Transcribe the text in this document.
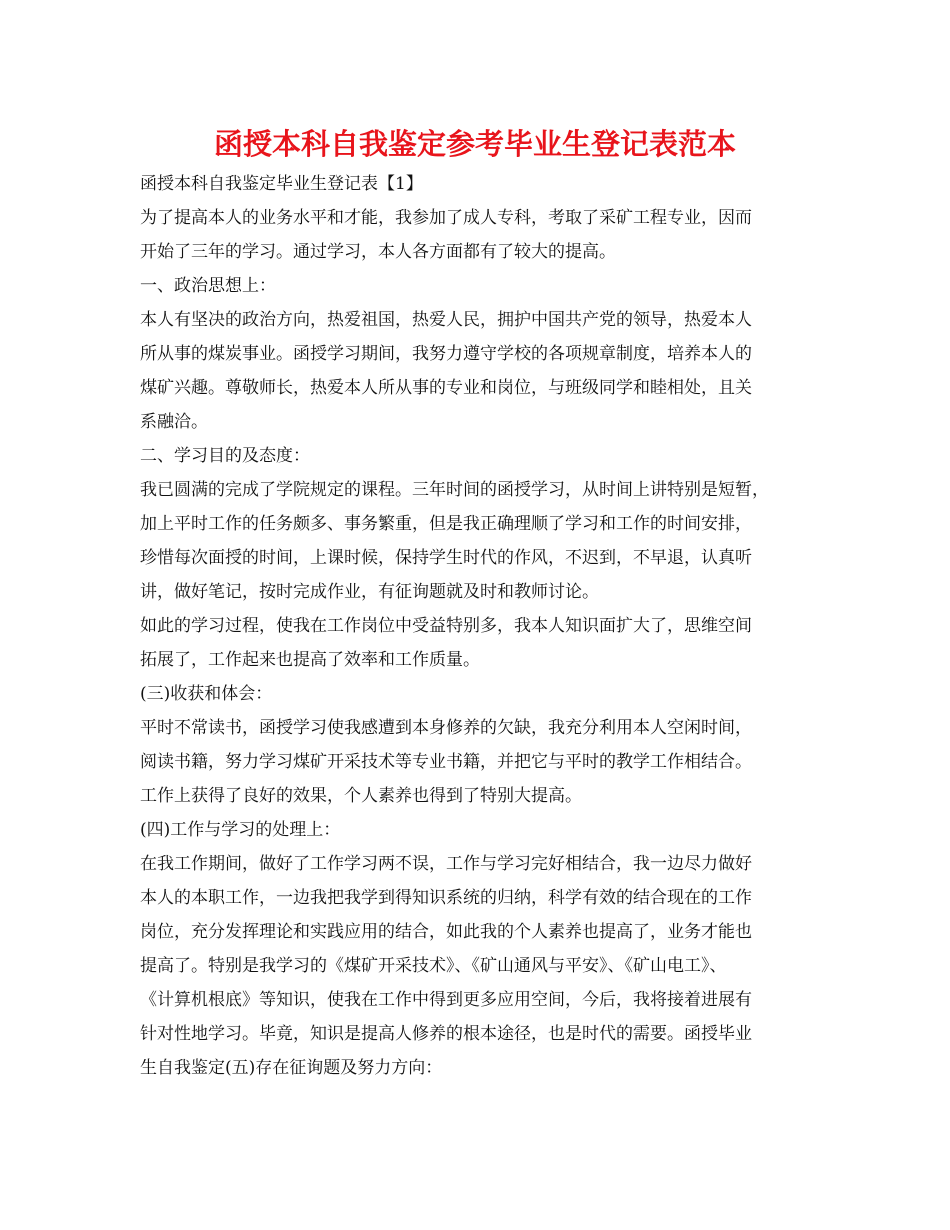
函授本科自我鉴定参考毕业生登记表范本
函授本科自我鉴定毕业生登记表【1】
为了提高本人的业务水平和才能，我参加了成人专科，考取了采矿工程专业，因而
开始了三年的学习。通过学习，本人各方面都有了较大的提高。
一、政治思想上：
本人有坚决的政治方向，热爱祖国，热爱人民，拥护中国共产党的领导，热爱本人
所从事的煤炭事业。函授学习期间，我努力遵守学校的各项规章制度，培养本人的
煤矿兴趣。尊敬师长，热爱本人所从事的专业和岗位，与班级同学和睦相处，且关
系融洽。
二、学习目的及态度：
我已圆满的完成了学院规定的课程。三年时间的函授学习，从时间上讲特别是短暂，
加上平时工作的任务颇多、事务繁重，但是我正确理顺了学习和工作的时间安排，
珍惜每次面授的时间，上课时候，保持学生时代的作风，不迟到，不早退，认真听
讲，做好笔记，按时完成作业，有征询题就及时和教师讨论。
如此的学习过程，使我在工作岗位中受益特别多，我本人知识面扩大了，思维空间
拓展了，工作起来也提高了效率和工作质量。
(三)收获和体会：
平时不常读书，函授学习使我感遭到本身修养的欠缺，我充分利用本人空闲时间，
阅读书籍，努力学习煤矿开采技术等专业书籍，并把它与平时的教学工作相结合。
工作上获得了良好的效果，个人素养也得到了特别大提高。
(四)工作与学习的处理上：
在我工作期间，做好了工作学习两不误，工作与学习完好相结合，我一边尽力做好
本人的本职工作，一边我把我学到得知识系统的归纳，科学有效的结合现在的工作
岗位，充分发挥理论和实践应用的结合，如此我的个人素养也提高了，业务才能也
提高了。特别是我学习的《煤矿开采技术》、《矿山通风与平安》、《矿山电工》、
《计算机根底》等知识，使我在工作中得到更多应用空间，今后，我将接着进展有
针对性地学习。毕竟，知识是提高人修养的根本途径，也是时代的需要。函授毕业
生自我鉴定(五)存在征询题及努力方向：
